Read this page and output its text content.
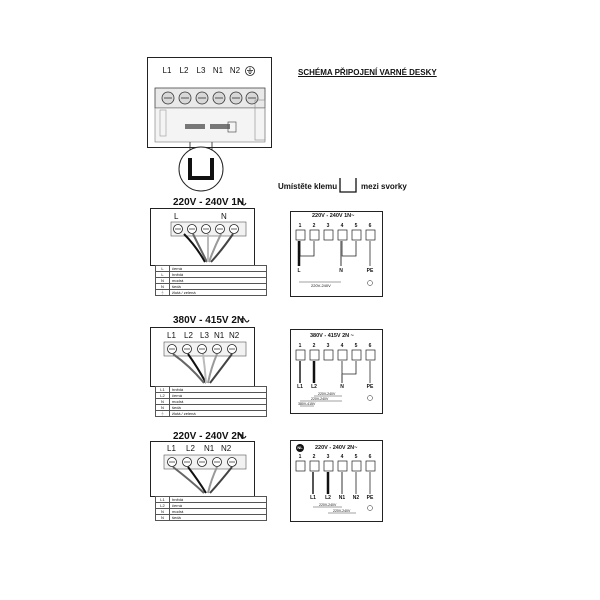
L1	L2	L3 N1 N2	SCHÉMA PŘIPOJENÍ VARNÉ DESKY
Umístěte klemu	mezi svorky
220V - 240V 1N
L	N
L	černá
L	hnědá
N	modrá
N	šedá
⏚	žlutá / zelená
220V - 240V 1N~
1	2	3	4	5	6
L	N	PE
220V-240V
380V - 415V 2N
L1 L2 L3 N1 N2
L1	hnědá
L2	černá
N	modrá
N	šedá
⏚	žlutá / zelená
380V - 415V 2N ~
1	2	3	4	5	6
L1	L2	N	PE
220V-240V
220V-240V
380V-415V
220V - 240V 2N
L1 L2 N1 N2
L1	hnědá
L2	černá
N	modrá
N	šedá
NL 220V - 240V 2N~
1	2	3	4	5	6
L1	L2	N1	N2	PE
220V-240V
220V-240V
